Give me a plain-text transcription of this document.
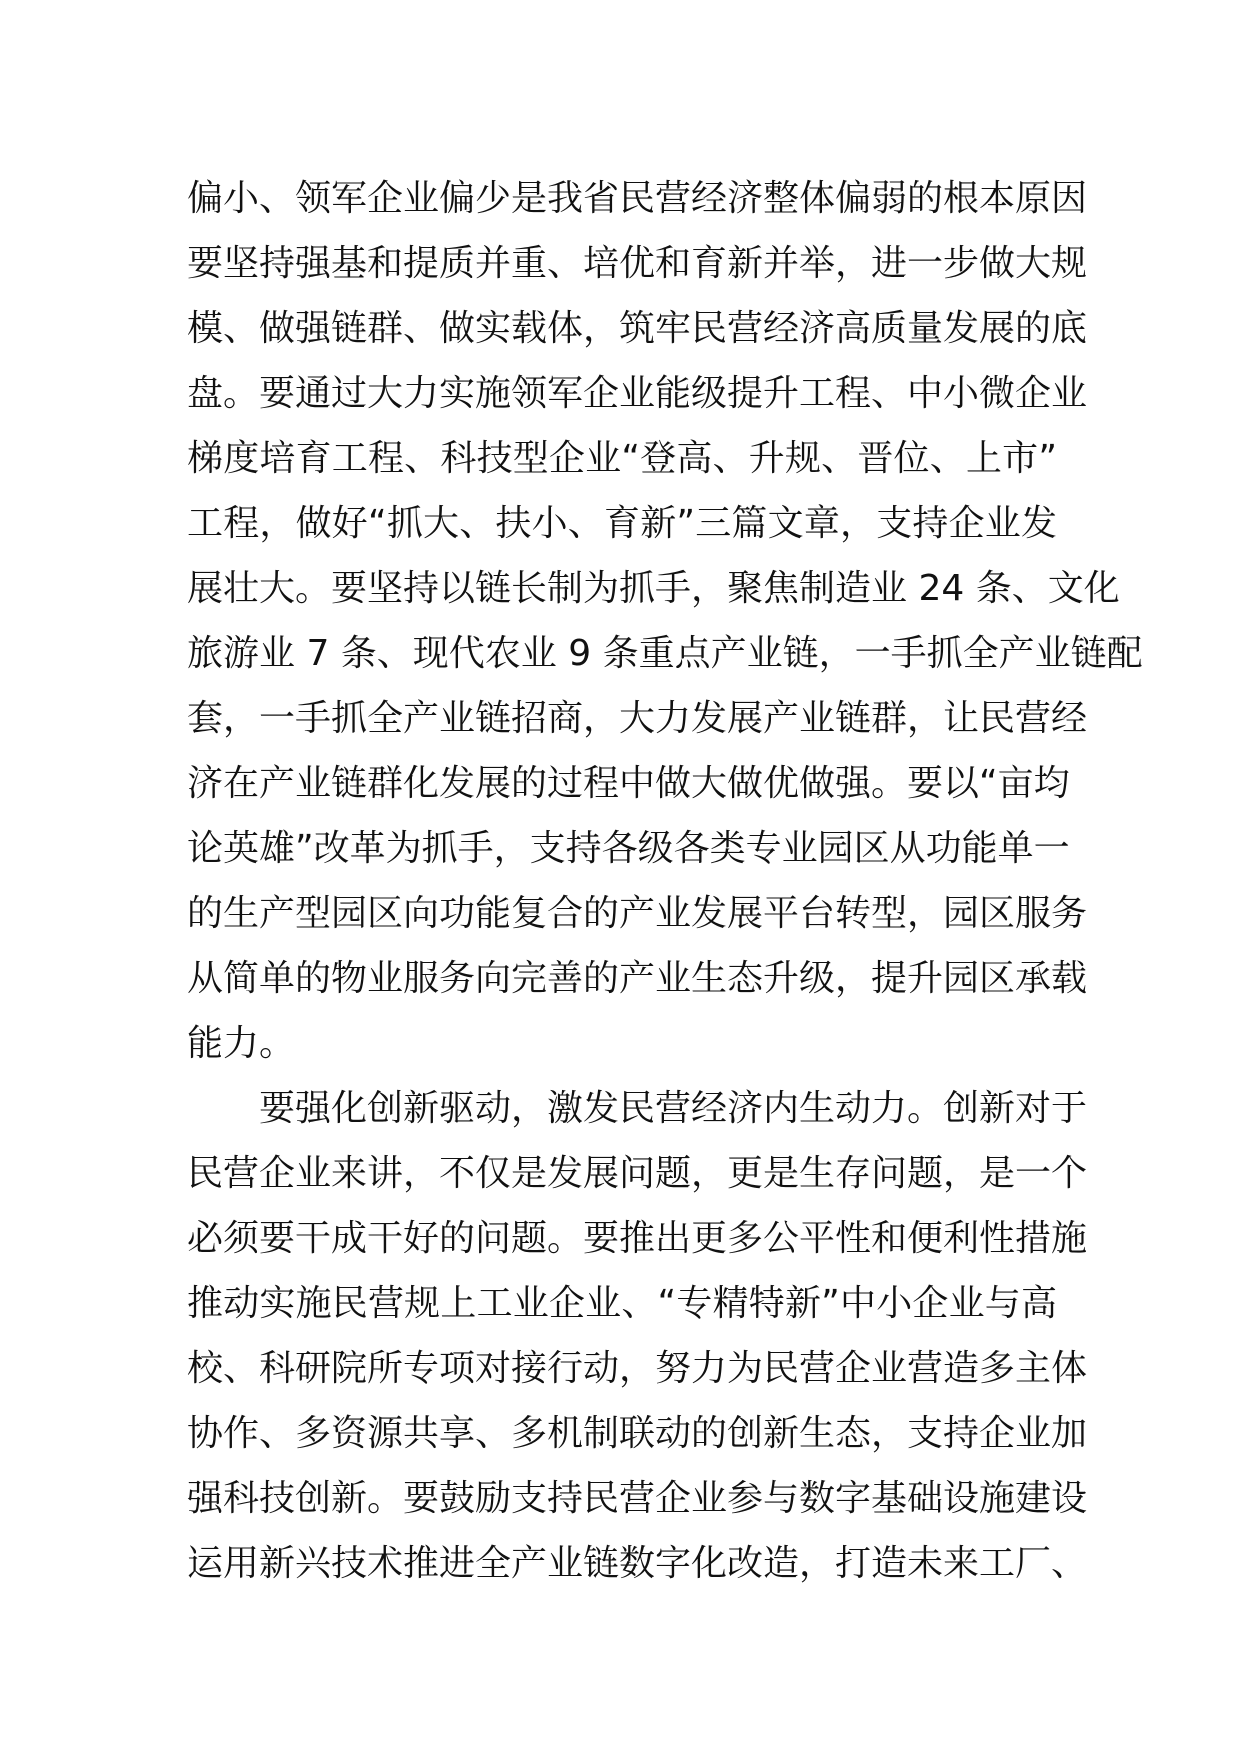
偏小、领军企业偏少是我省民营经济整体偏弱的根本原因
要坚持强基和提质并重、培优和育新并举，进一步做大规
模、做强链群、做实载体，筑牢民营经济高质量发展的底
盘。要通过大力实施领军企业能级提升工程、中小微企业
梯度培育工程、科技型企业“登高、升规、晋位、上市”
工程，做好“抓大、扶小、育新”三篇文章，支持企业发
展壮大。要坚持以链长制为抓手，聚焦制造业 24 条、文化
旅游业 7 条、现代农业 9 条重点产业链，一手抓全产业链配
套，一手抓全产业链招商，大力发展产业链群，让民营经
济在产业链群化发展的过程中做大做优做强。要以“亩均
论英雄”改革为抓手，支持各级各类专业园区从功能单一
的生产型园区向功能复合的产业发展平台转型，园区服务
从简单的物业服务向完善的产业生态升级，提升园区承载
能力。
要强化创新驱动，激发民营经济内生动力。创新对于
民营企业来讲，不仅是发展问题，更是生存问题，是一个
必须要干成干好的问题。要推出更多公平性和便利性措施
推动实施民营规上工业企业、“专精特新”中小企业与高
校、科研院所专项对接行动，努力为民营企业营造多主体
协作、多资源共享、多机制联动的创新生态，支持企业加
强科技创新。要鼓励支持民营企业参与数字基础设施建设
运用新兴技术推进全产业链数字化改造，打造未来工厂、
